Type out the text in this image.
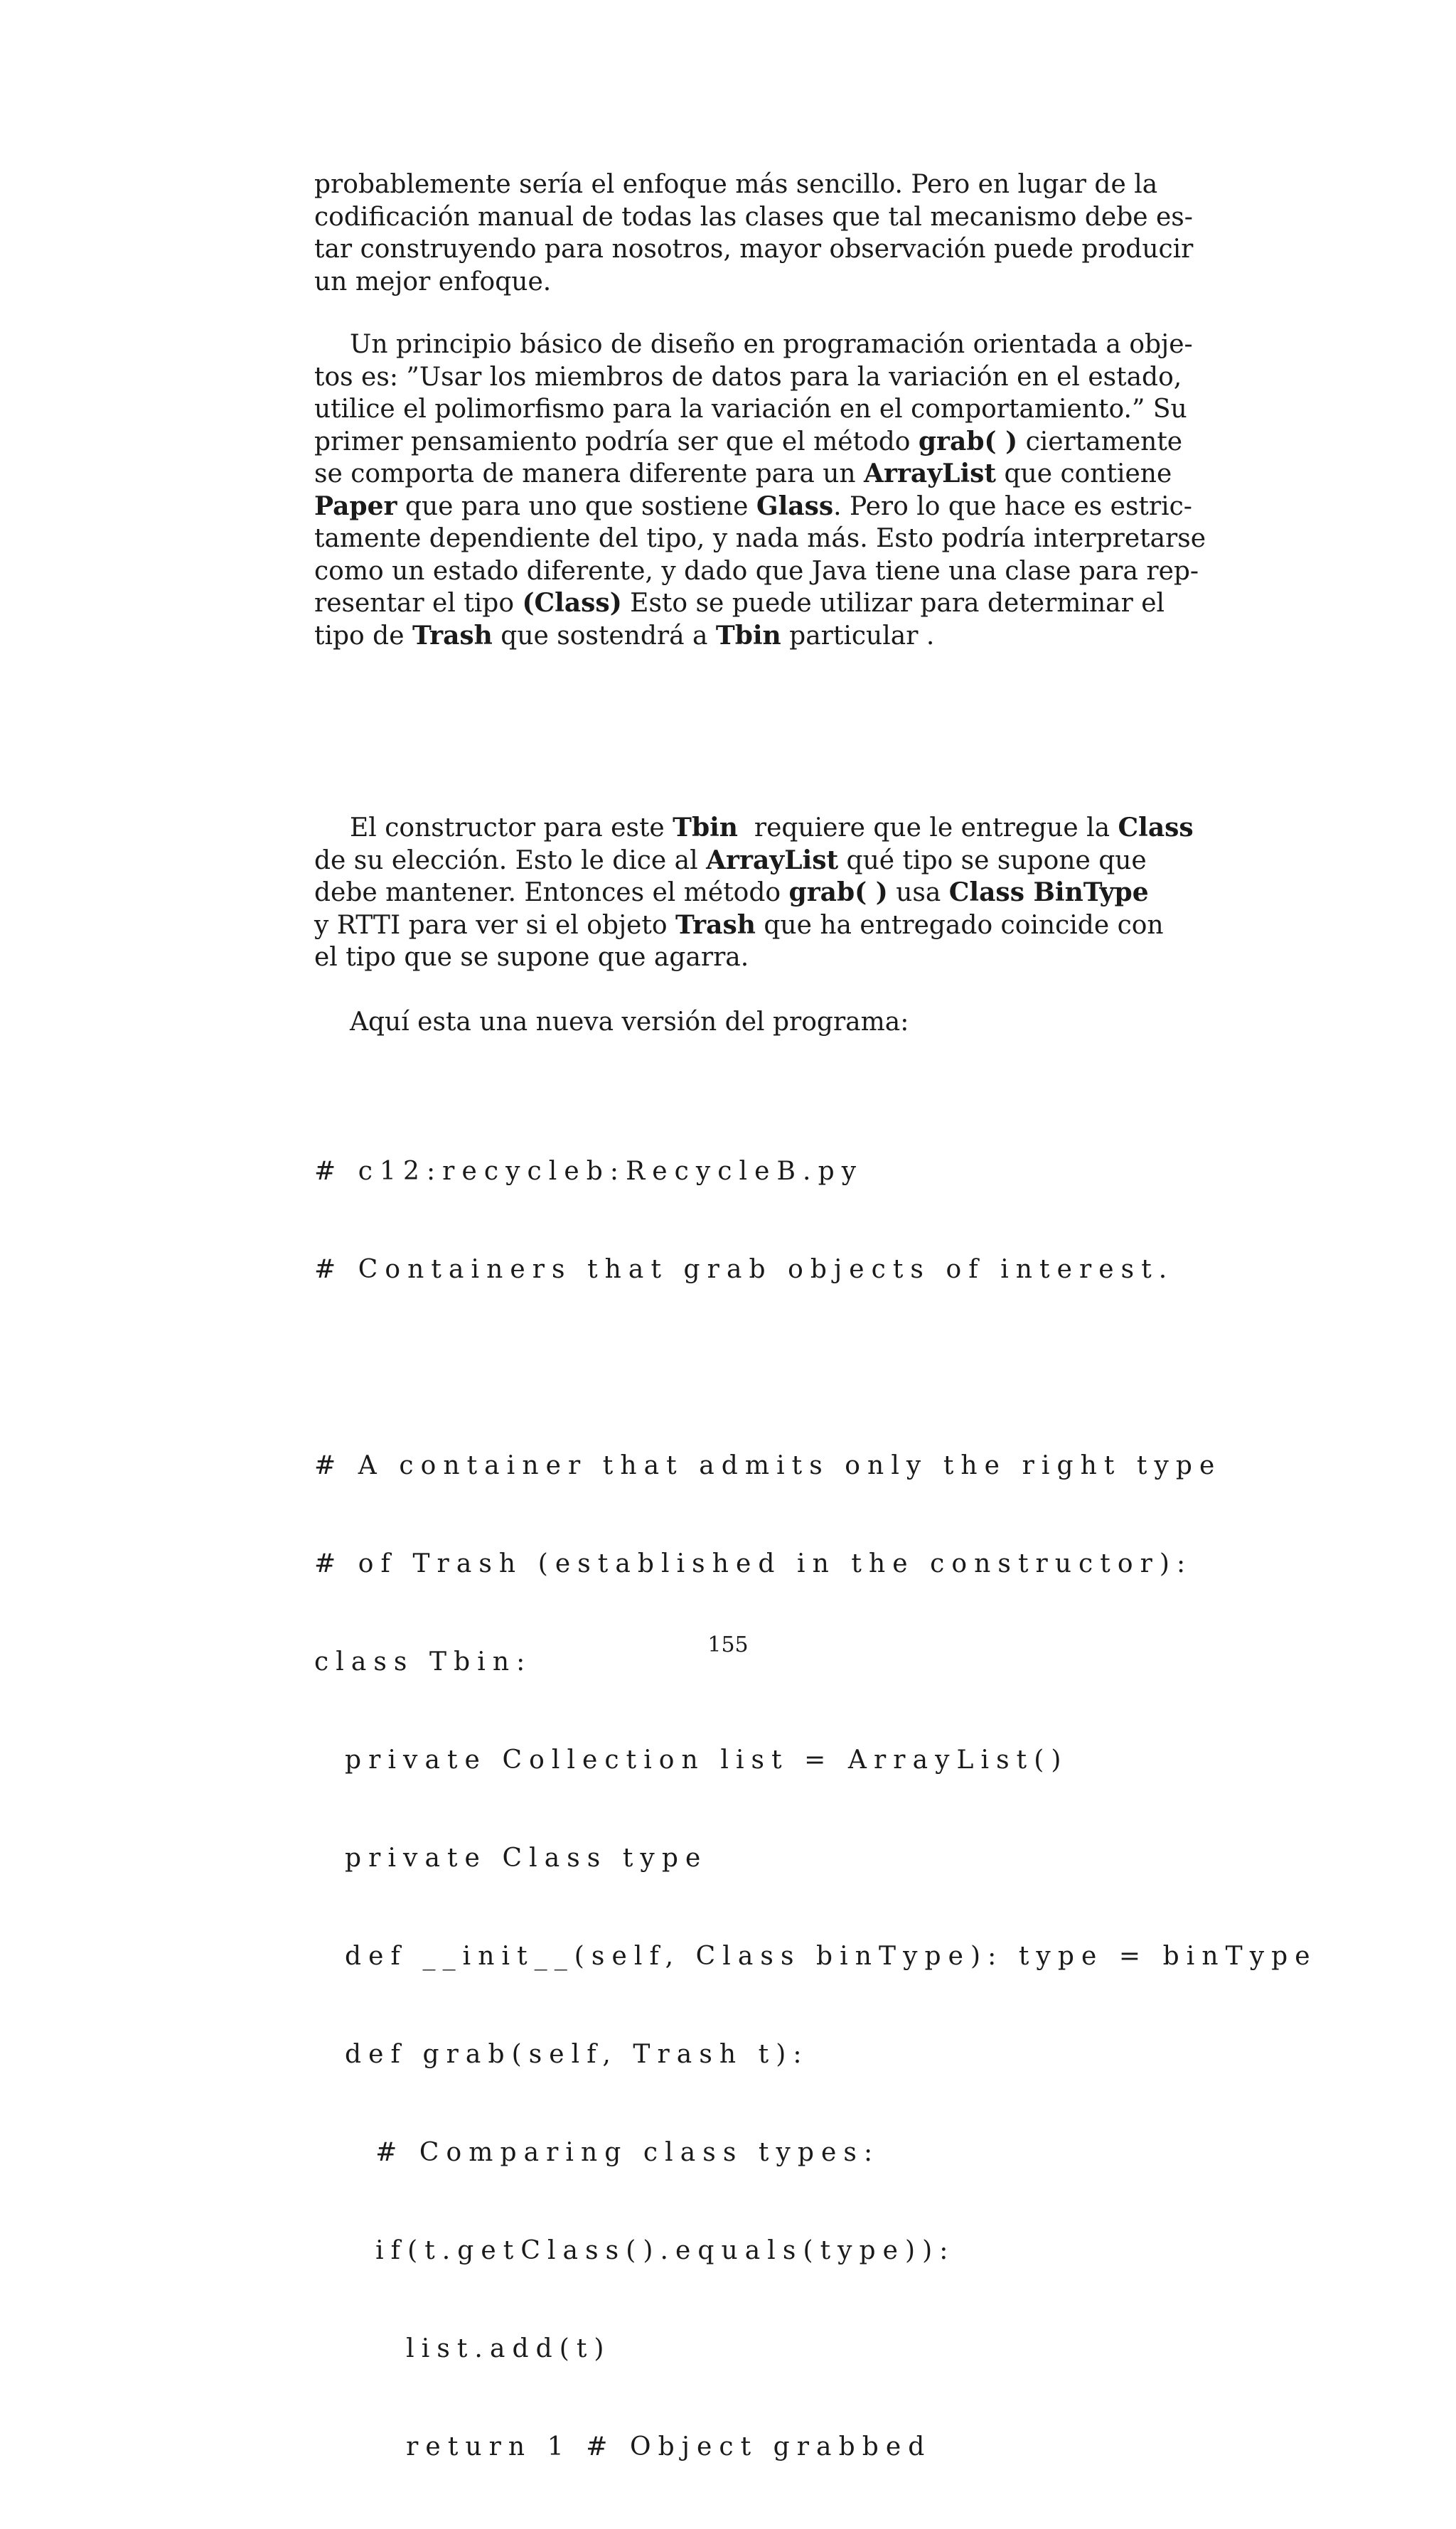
probablemente sería el enfoque más sencillo. Pero en lugar de la
codificación manual de todas las clases que tal mecanismo debe es-
tar construyendo para nosotros, mayor observación puede producir
un mejor enfoque.
Un principio básico de diseño en programación orientada a obje-
tos es: ”Usar los miembros de datos para la variación en el estado,
utilice el polimorfismo para la variación en el comportamiento.” Su
primer pensamiento podría ser que el método grab( ) ciertamente
se comporta de manera diferente para un ArrayList que contiene
Paper que para uno que sostiene Glass. Pero lo que hace es estric-
tamente dependiente del tipo, y nada más. Esto podría interpretarse
como un estado diferente, y dado que Java tiene una clase para rep-
resentar el tipo (Class) Esto se puede utilizar para determinar el
tipo de Trash que sostendrá a Tbin particular .
El constructor para este Tbin  requiere que le entregue la Class
de su elección. Esto le dice al ArrayList qué tipo se supone que
debe mantener. Entonces el método grab( ) usa Class BinType
y RTTI para ver si el objeto Trash que ha entregado coincide con
el tipo que se supone que agarra.
Aquí esta una nueva versión del programa:

# c12:recycleb:RecycleB.py

# Containers that grab objects of interest.

# A container that admits only the right type

# of Trash (established in the constructor):

class Tbin:

private Collection list = ArrayList()

private Class type

def __init__(self, Class binType): type = binType

def grab(self, Trash t):

# Comparing class types:

if(t.getClass().equals(type)):

list.add(t)

return 1 # Object grabbed

155
